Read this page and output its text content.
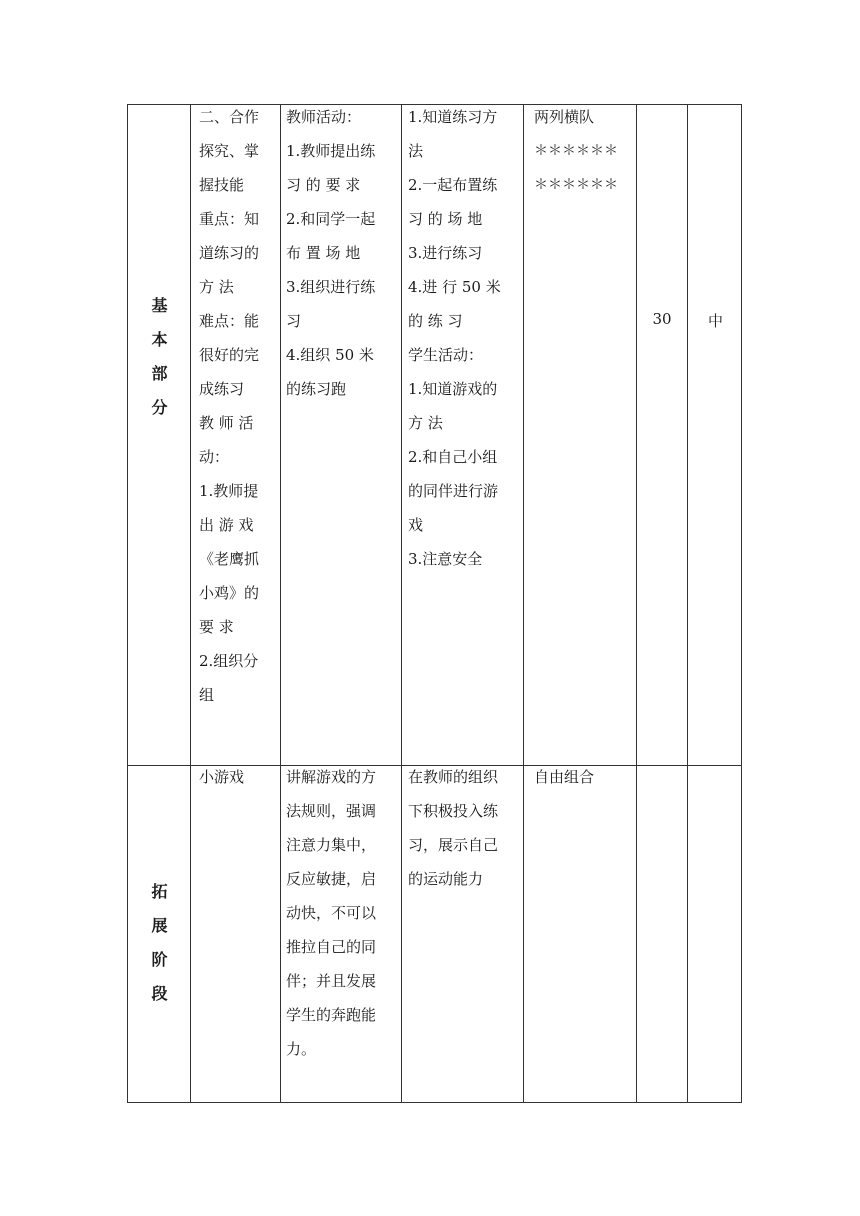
基
本
部
分
二、合作
探究、掌
握技能
重点：知
道练习的
方 法
难点：能
很好的完
成练习
教 师 活
动：
1.教师提
出 游 戏
《老鹰抓
小鸡》的
要 求
2.组织分
组
教师活动：
1.教师提出练
习 的 要 求
2.和同学一起
布 置 场 地
3.组织进行练
习
4.组织 50 米
的练习跑
1.知道练习方
法
2.一起布置练
习 的 场 地
3.进行练习
4.进 行 50 米
的 练 习
学生活动：
1.知道游戏的
方 法
2.和自己小组
的同伴进行游
戏
3.注意安全
两列横队
＊＊＊＊＊＊
＊＊＊＊＊＊
30	中
拓
展
阶
段
小游戏	讲解游戏的方
法规则，强调
注意力集中，
反应敏捷，启
动快，不可以
推拉自己的同
伴；并且发展
学生的奔跑能
力。
在教师的组织
下积极投入练
习，展示自己
的运动能力
自由组合
